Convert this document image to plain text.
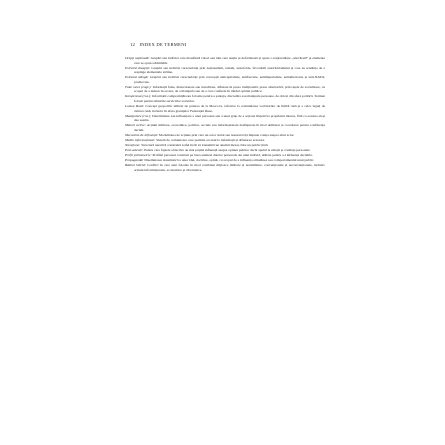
12 INDEX DE TERMENI

Drepți națională: Grupări sau indivizi care manifestă valori sau idei care susțin și deformează și apare o naționalitate „adevărată” și elemente care se opun schimbării.

Extremă dreaptă: Grupări sau indivizi caracterizați prin naționalism, rasism, xenofobie, favorabili autoritarismului și care au tendința de a respinge elementele străine.

Extremă stângă: Grupări sau indivizi caracterizați prin concepții anticapitaliste, antifasciste, antiimperialiste, antiamericane și anti-NATO, promovate.

Fake news (engl.): Informații false, distorsionate sau trunchiate, difuzate în presa tradițională, presa alternativă, prin rețele de socializare, cu scopul de a induce în eroare, de a manipula sau de a crea confuzie în rândul opiniei publice.

Kompromat (rus.): Informații compromițătoare folosite pentru a șantaja, discredita sau manipula persoane, de obicei din sfera politică. Termen folosit pentru tehnicile serviciilor sovietice.

Lumea Rusă: Concept geopolitic utilizat de puterea de la Moscova, referitor la comunitatea vorbitorilor de limbă rusă și a celor legați de cultura rusă, inclusiv în afara granițelor Federației Ruse.

Manipulare (rus.): Determinare sau influențare a unei persoane sau a unui grup de a acționa împotriva propriului interes, fără ca acestea să-și dea seama.

Măsuri active: Acțiuni militare, economice, politice, sociale sau informaționale desfășurate în mod deliberat și coordonat pentru a influența decizii.

Mecanism de influență: Modalitatea de acțiune prin care un actor statal sau nonstatal își impune voința asupra altui actor.

Mediu informațional: Sistem de comunicare care permite accesul la informații și difuzarea acestora.

Narațiune: Structură narativă construită astfel încât să transmită un anumit mesaj către un public țintă.

Post-adevăr: Pentru care faptele obiective au mai puțină influență asupra opiniei publice decât apelul la emoții și credințe personale.

Profil psihometric: Profilul personal construit pe baza analizei datelor personale ale unui individ, utilizat pentru a-i influența deciziile.

Propagandă: Diseminarea sistematică a unor idei, doctrine, opinii, cu scopul de a influența atitudinea sau comportamentul unui public.

Război hibrid: Conflict în care sunt folosite în mod combinat mijloace militare și nonmilitare, convenționale și neconvenționale, inclusiv acțiuni informaționale, economice și cibernetice.
